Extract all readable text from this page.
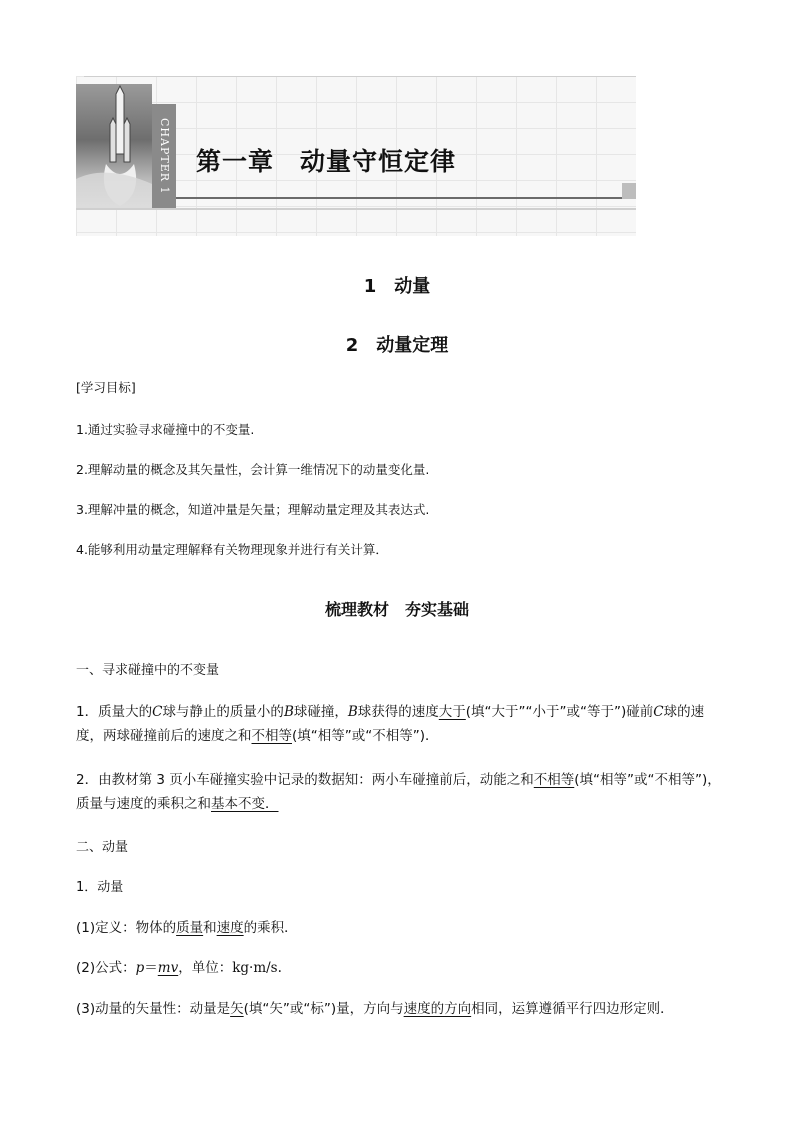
CHAPTER 1 第一章　动量守恒定律
1　动量
2　动量定理
[学习目标]
1.通过实验寻求碰撞中的不变量.
2.理解动量的概念及其矢量性，会计算一维情况下的动量变化量.
3.理解冲量的概念，知道冲量是矢量；理解动量定理及其表达式.
4.能够利用动量定理解释有关物理现象并进行有关计算．
梳理教材　夯实基础
一、寻求碰撞中的不变量
1．质量大的C球与静止的质量小的B球碰撞，B球获得的速度大于(填“大于”“小于”或“等于”)碰前C球的速度，两球碰撞前后的速度之和不相等(填“相等”或“不相等”)．
2．由教材第 3 页小车碰撞实验中记录的数据知：两小车碰撞前后，动能之和不相等(填“相等”或“不相等”)，质量与速度的乘积之和基本不变．
二、动量
1．动量
(1)定义：物体的质量和速度的乘积．
(2)公式：p＝mv，单位：kg·m/s.
(3)动量的矢量性：动量是矢(填“矢”或“标”)量，方向与速度的方向相同，运算遵循平行四边形定则．
